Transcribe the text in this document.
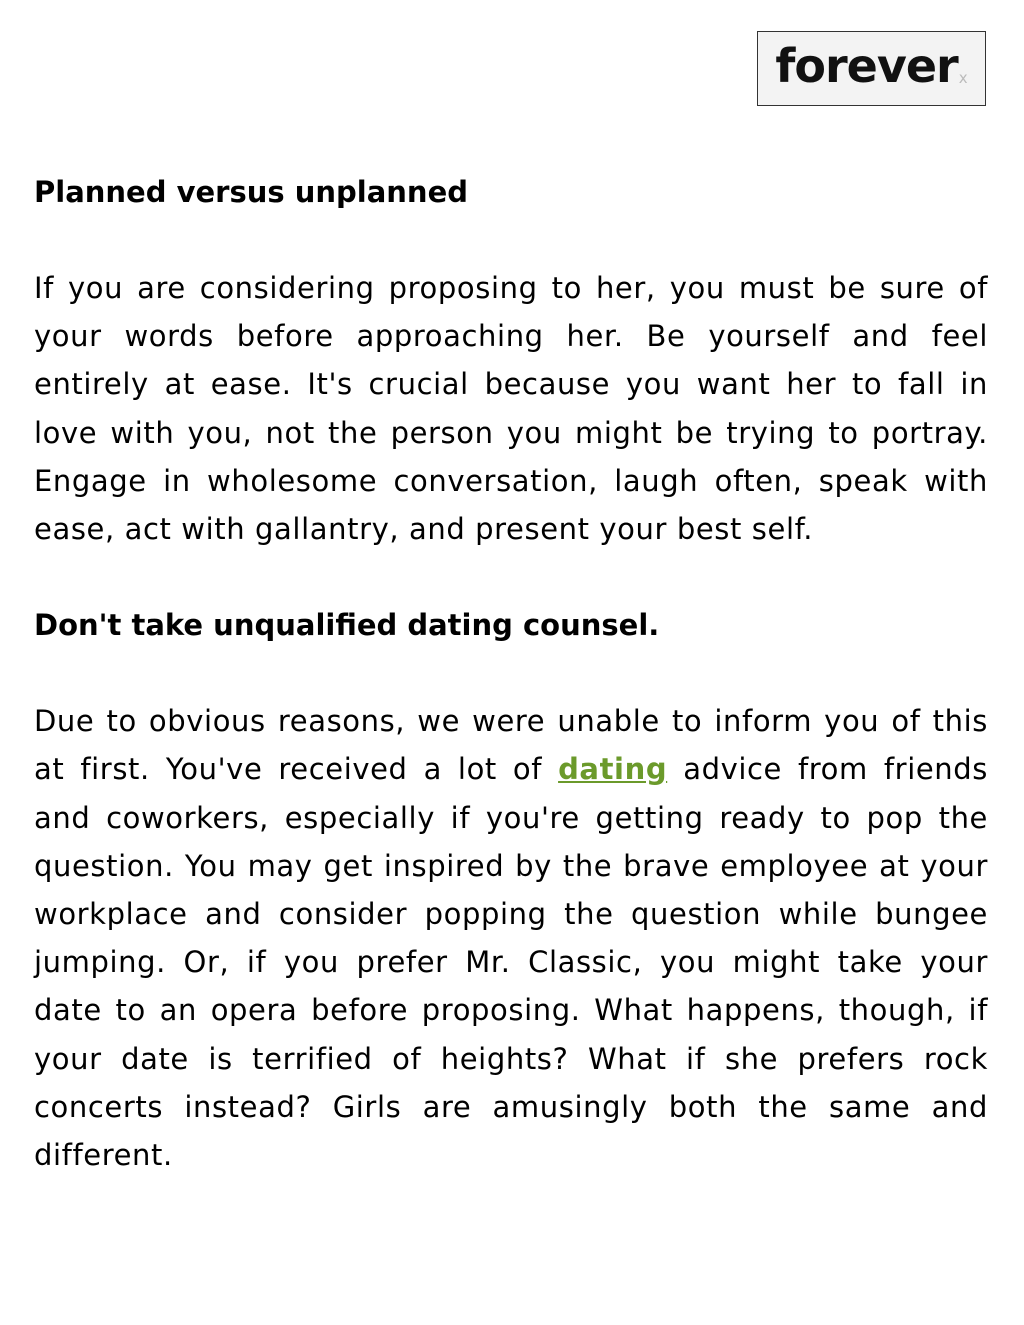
forever x
Planned versus unplanned

If you are considering proposing to her, you must be sure of your words before approaching her. Be yourself and feel entirely at ease. It's crucial because you want her to fall in love with you, not the person you might be trying to portray. Engage in wholesome conversation, laugh often, speak with ease, act with gallantry, and present your best self.

Don't take unqualified dating counsel.

Due to obvious reasons, we were unable to inform you of this at first. You've received a lot of dating advice from friends and coworkers, especially if you're getting ready to pop the question. You may get inspired by the brave employee at your workplace and consider popping the question while bungee jumping. Or, if you prefer Mr. Classic, you might take your date to an opera before proposing. What happens, though, if your date is terrified of heights? What if she prefers rock concerts instead? Girls are amusingly both the same and different.
